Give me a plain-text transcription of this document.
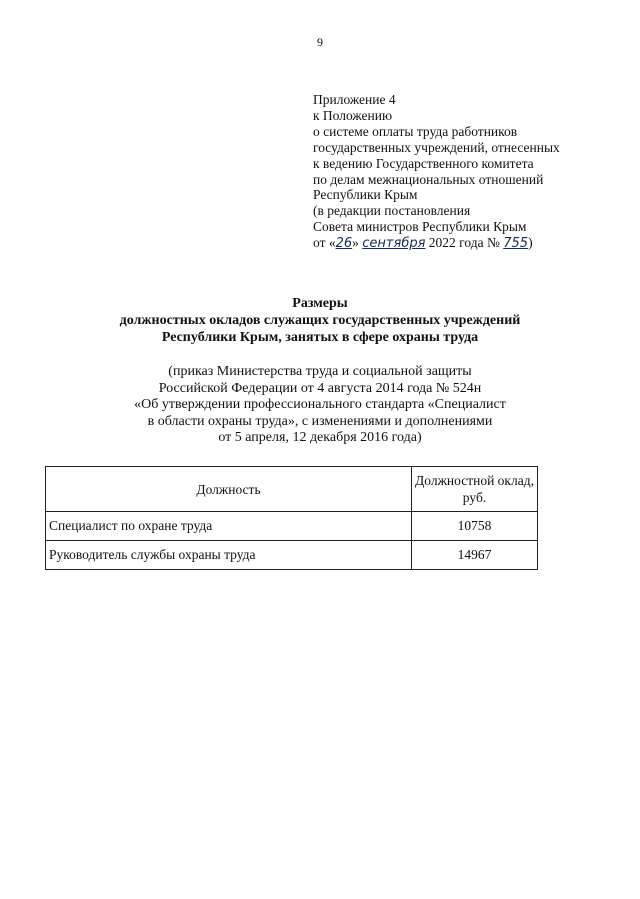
9
Приложение 4
к Положению
о системе оплаты труда работников
государственных учреждений, отнесенных
к ведению Государственного комитета
по делам межнациональных отношений
Республики Крым
(в редакции постановления
Совета министров Республики Крым
от «26» сентября 2022 года № 755)
Размеры
должностных окладов служащих государственных учреждений
Республики Крым, занятых в сфере охраны труда
(приказ Министерства труда и социальной защиты
Российской Федерации от 4 августа 2014 года № 524н
«Об утверждении профессионального стандарта «Специалист
в области охраны труда», с изменениями и дополнениями
от 5 апреля, 12 декабря 2016 года)
Должность	Должностной оклад,
руб.

Специалист по охране труда	10758
Руководитель службы охраны труда	14967
